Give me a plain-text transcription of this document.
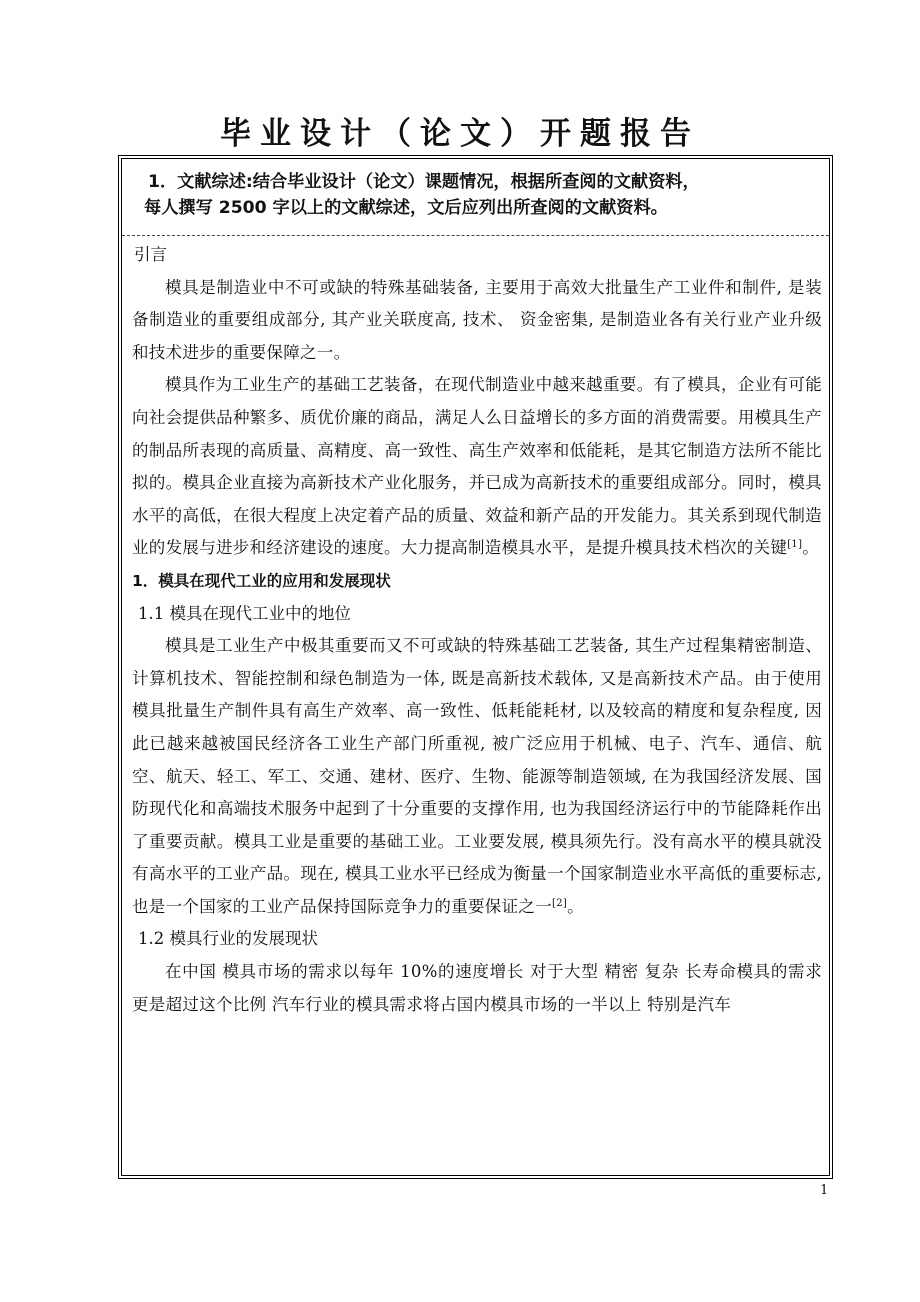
毕业设计（论文）开题报告

1．文献综述:结合毕业设计（论文）课题情况，根据所查阅的文献资料，

每人撰写 2500 字以上的文献综述，文后应列出所查阅的文献资料。

引言

模具是制造业中不可或缺的特殊基础装备, 主要用于高效大批量生产工业件和制件, 是装备制造业的重要组成部分, 其产业关联度高, 技术、 资金密集, 是制造业各有关行业产业升级和技术进步的重要保障之一。

模具作为工业生产的基础工艺装备，在现代制造业中越来越重要。有了模具，企业有可能向社会提供品种繁多、质优价廉的商品，满足人么日益增长的多方面的消费需要。用模具生产的制品所表现的高质量、高精度、高一致性、高生产效率和低能耗，是其它制造方法所不能比拟的。模具企业直接为高新技术产业化服务，并已成为高新技术的重要组成部分。同时，模具水平的高低，在很大程度上决定着产品的质量、效益和新产品的开发能力。其关系到现代制造业的发展与进步和经济建设的速度。大力提高制造模具水平，是提升模具技术档次的关键[1]。

1．模具在现代工业的应用和发展现状

1.1 模具在现代工业中的地位

模具是工业生产中极其重要而又不可或缺的特殊基础工艺装备, 其生产过程集精密制造、计算机技术、智能控制和绿色制造为一体, 既是高新技术载体, 又是高新技术产品。由于使用模具批量生产制件具有高生产效率、高一致性、低耗能耗材, 以及较高的精度和复杂程度, 因此已越来越被国民经济各工业生产部门所重视, 被广泛应用于机械、电子、汽车、通信、航空、航天、轻工、军工、交通、建材、医疗、生物、能源等制造领域, 在为我国经济发展、国防现代化和高端技术服务中起到了十分重要的支撑作用, 也为我国经济运行中的节能降耗作出了重要贡献。模具工业是重要的基础工业。工业要发展, 模具须先行。没有高水平的模具就没有高水平的工业产品。现在, 模具工业水平已经成为衡量一个国家制造业水平高低的重要标志, 也是一个国家的工业产品保持国际竞争力的重要保证之一[2]。

1.2 模具行业的发展现状

在中国 模具市场的需求以每年 10%的速度增长 对于大型 精密 复杂 长寿命模具的需求更是超过这个比例 汽车行业的模具需求将占国内模具市场的一半以上 特别是汽车

1
